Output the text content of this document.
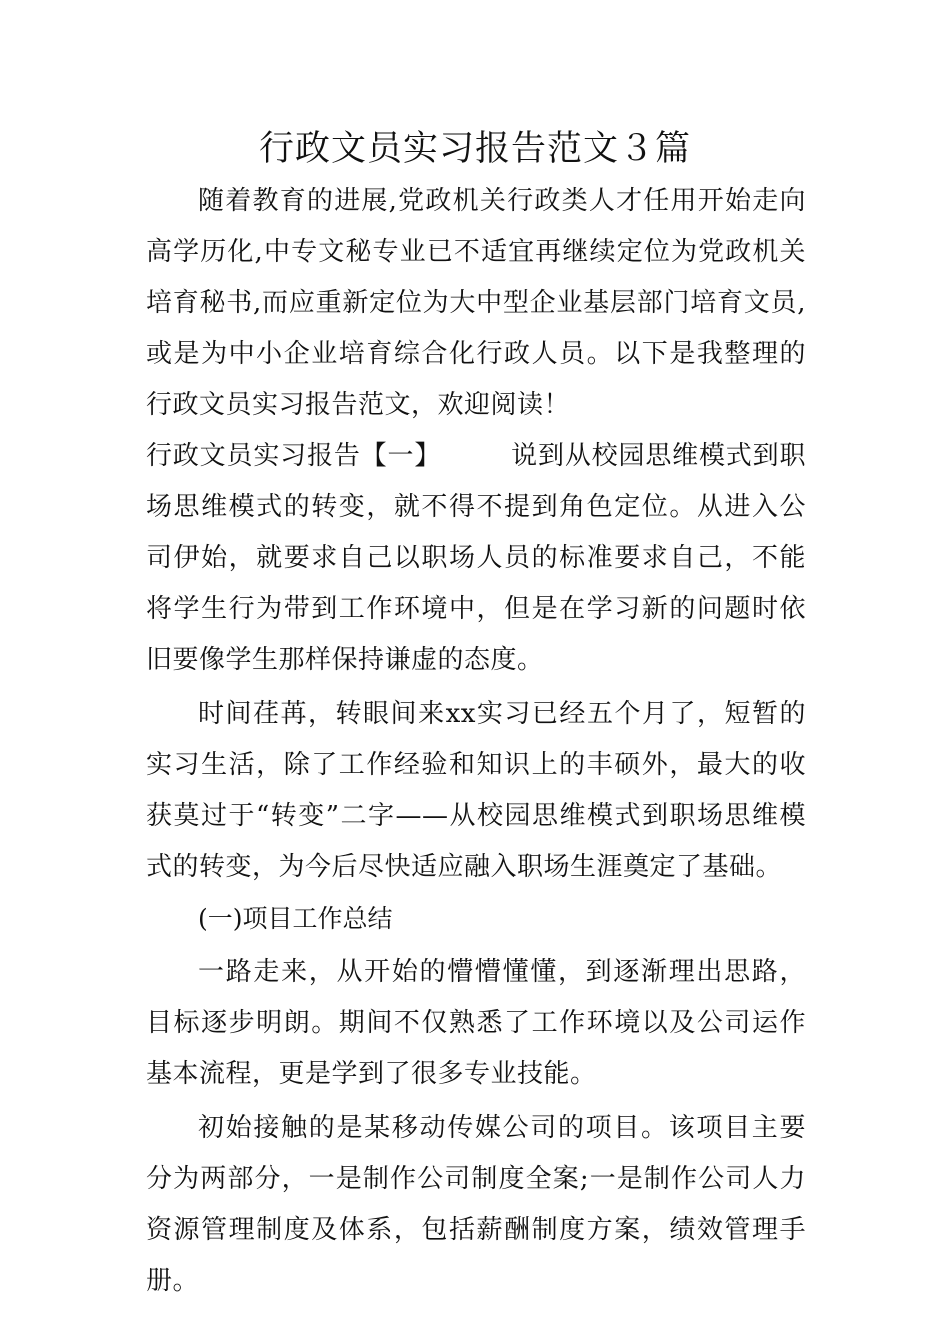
行政文员实习报告范文３篇

随着教育的进展,党政机关行政类人才任用开始走向高学历化,中专文秘专业已不适宜再继续定位为党政机关培育秘书,而应重新定位为大中型企业基层部门培育文员,或是为中小企业培育综合化行政人员。以下是我整理的行政文员实习报告范文，欢迎阅读！

行政文员实习报告【一】	说到从校园思维模式到职场思维模式的转变，就不得不提到角色定位。从进入公司伊始，就要求自己以职场人员的标准要求自己，不能将学生行为带到工作环境中，但是在学习新的问题时依旧要像学生那样保持谦虚的态度。

时间荏苒，转眼间来xx实习已经五个月了，短暂的实习生活，除了工作经验和知识上的丰硕外，最大的收获莫过于“转变”二字——从校园思维模式到职场思维模式的转变，为今后尽快适应融入职场生涯奠定了基础。

(一)项目工作总结

一路走来，从开始的懵懵懂懂，到逐渐理出思路，目标逐步明朗。期间不仅熟悉了工作环境以及公司运作基本流程，更是学到了很多专业技能。

初始接触的是某移动传媒公司的项目。该项目主要分为两部分，一是制作公司制度全案;一是制作公司人力资源管理制度及体系，包括薪酬制度方案，绩效管理手册。
